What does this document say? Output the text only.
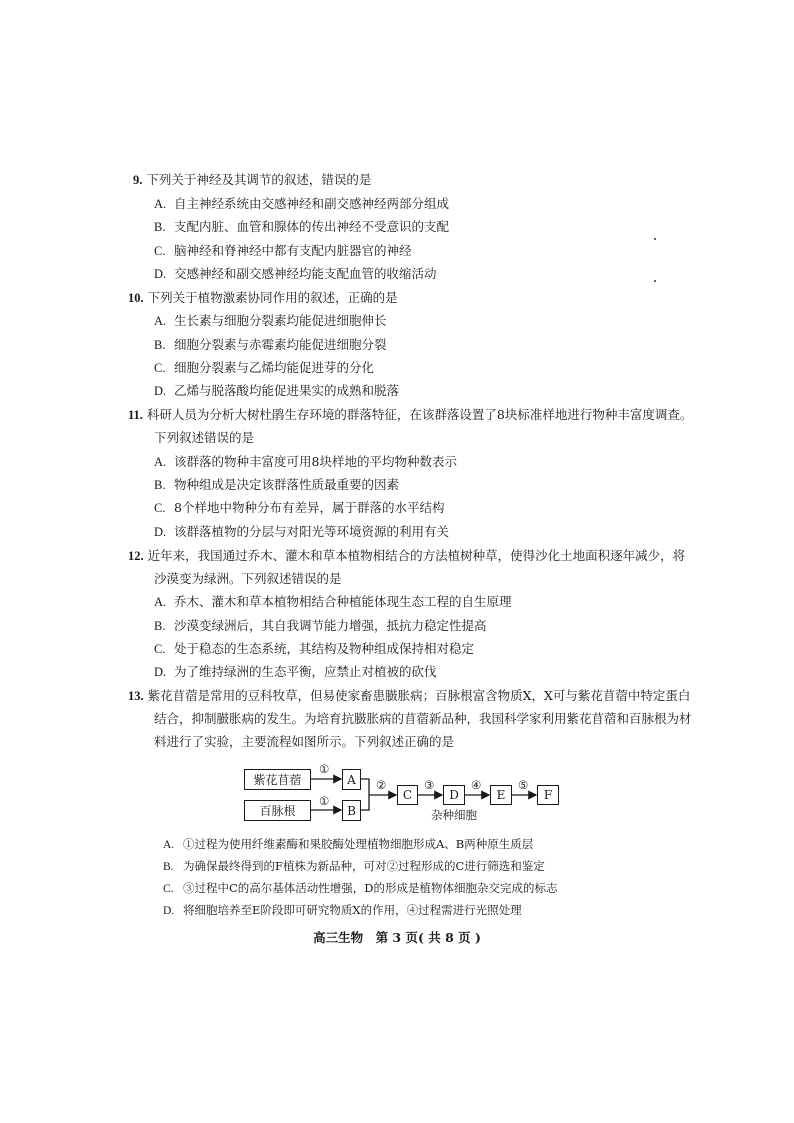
9. 下列关于神经及其调节的叙述，错误的是
A. 自主神经系统由交感神经和副交感神经两部分组成
B. 支配内脏、血管和腺体的传出神经不受意识的支配
C. 脑神经和脊神经中都有支配内脏器官的神经
D. 交感神经和副交感神经均能支配血管的收缩活动
10. 下列关于植物激素协同作用的叙述，正确的是
A. 生长素与细胞分裂素均能促进细胞伸长
B. 细胞分裂素与赤霉素均能促进细胞分裂
C. 细胞分裂素与乙烯均能促进芽的分化
D. 乙烯与脱落酸均能促进果实的成熟和脱落
11. 科研人员为分析大树杜鹃生存环境的群落特征，在该群落设置了8块标准样地进行物种丰富度调查。
下列叙述错误的是
A. 该群落的物种丰富度可用8块样地的平均物种数表示
B. 物种组成是决定该群落性质最重要的因素
C. 8个样地中物种分布有差异，属于群落的水平结构
D. 该群落植物的分层与对阳光等环境资源的利用有关
12. 近年来，我国通过乔木、灌木和草本植物相结合的方法植树种草，使得沙化土地面积逐年减少，将
沙漠变为绿洲。下列叙述错误的是
A. 乔木、灌木和草本植物相结合种植能体现生态工程的自生原理
B. 沙漠变绿洲后，其自我调节能力增强，抵抗力稳定性提高
C. 处于稳态的生态系统，其结构及物种组成保持相对稳定
D. 为了维持绿洲的生态平衡，应禁止对植被的砍伐
13. 紫花苜蓿是常用的豆科牧草，但易使家畜患臌胀病；百脉根富含物质X，X可与紫花苜蓿中特定蛋白
结合，抑制臌胀病的发生。为培育抗臌胀病的苜蓿新品种，我国科学家利用紫花苜蓿和百脉根为材
料进行了实验，主要流程如图所示。下列叙述正确的是
紫花苜蓿
百脉根
A
B
C	D	E	F
①
①
②	③	④	⑤
杂种细胞
A. ①过程为使用纤维素酶和果胶酶处理植物细胞形成A、B两种原生质层
B. 为确保最终得到的F植株为新品种，可对②过程形成的C进行筛选和鉴定
C. ③过程中C的高尔基体活动性增强，D的形成是植物体细胞杂交完成的标志
D. 将细胞培养至E阶段即可研究物质X的作用，④过程需进行光照处理
高三生物　第 3 页( 共 8 页 )
